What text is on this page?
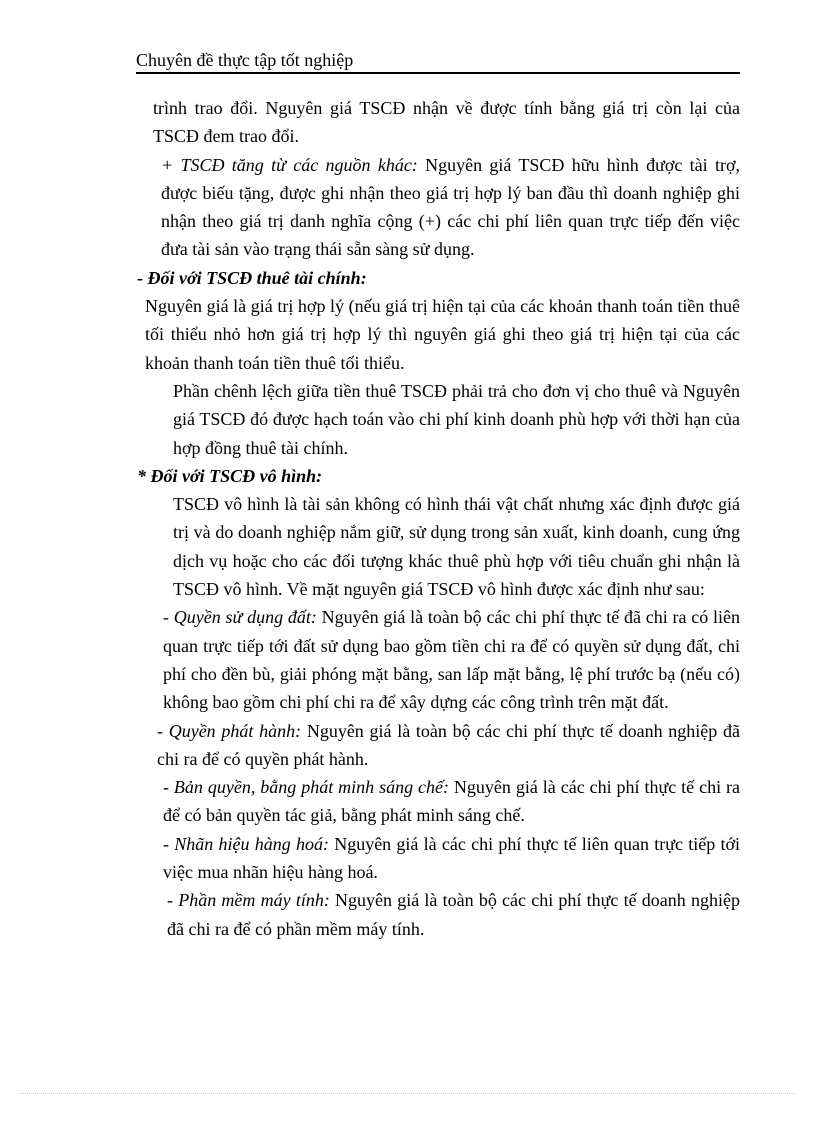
Chuyên đề thực tập tốt nghiệp

trình trao đổi. Nguyên giá TSCĐ nhận về được tính bằng giá trị còn lại của TSCĐ đem trao đổi.

+ TSCĐ tăng từ các nguồn khác: Nguyên giá TSCĐ hữu hình được tài trợ, được biếu tặng, được ghi nhận theo giá trị hợp lý ban đầu thì doanh nghiệp ghi nhận theo giá trị danh nghĩa cộng (+) các chi phí liên quan trực tiếp đến việc đưa tài sản vào trạng thái sẵn sàng sử dụng.

- Đối với TSCĐ thuê tài chính:

Nguyên giá là giá trị hợp lý (nếu giá trị hiện tại của các khoản thanh toán tiền thuê tối thiểu nhỏ hơn giá trị hợp lý thì nguyên giá ghi theo giá trị hiện tại của các khoản thanh toán tiền thuê tối thiểu.

Phần chênh lệch giữa tiền thuê TSCĐ phải trả cho đơn vị cho thuê và Nguyên giá TSCĐ đó được hạch toán vào chi phí kinh doanh phù hợp với thời hạn của hợp đồng thuê tài chính.

* Đối với TSCĐ vô hình:

TSCĐ vô hình là tài sản không có hình thái vật chất nhưng xác định được giá trị và do doanh nghiệp nắm giữ, sử dụng trong sản xuất, kinh doanh, cung ứng dịch vụ hoặc cho các đối tượng khác thuê phù hợp với tiêu chuẩn ghi nhận là TSCĐ vô hình. Về mặt nguyên giá TSCĐ vô hình được xác định như sau:

- Quyền sử dụng đất: Nguyên giá là toàn bộ các chi phí thực tế đã chi ra có liên quan trực tiếp tới đất sử dụng bao gồm tiền chi ra để có quyền sử dụng đất, chi phí cho đền bù, giải phóng mặt bằng, san lấp mặt bằng, lệ phí trước bạ (nếu có) không bao gồm chi phí chi ra để xây dựng các công trình trên mặt đất.

- Quyền phát hành: Nguyên giá là toàn bộ các chi phí thực tế doanh nghiệp đã chi ra để có quyền phát hành.

- Bản quyền, bằng phát minh sáng chế: Nguyên giá là các chi phí thực tế chi ra để có bản quyền tác giả, bằng phát minh sáng chế.

- Nhãn hiệu hàng hoá: Nguyên giá là các chi phí thực tế liên quan trực tiếp tới việc mua nhãn hiệu hàng hoá.

- Phần mềm máy tính: Nguyên giá là toàn bộ các chi phí thực tế doanh nghiệp đã chi ra để có phần mềm máy tính.
